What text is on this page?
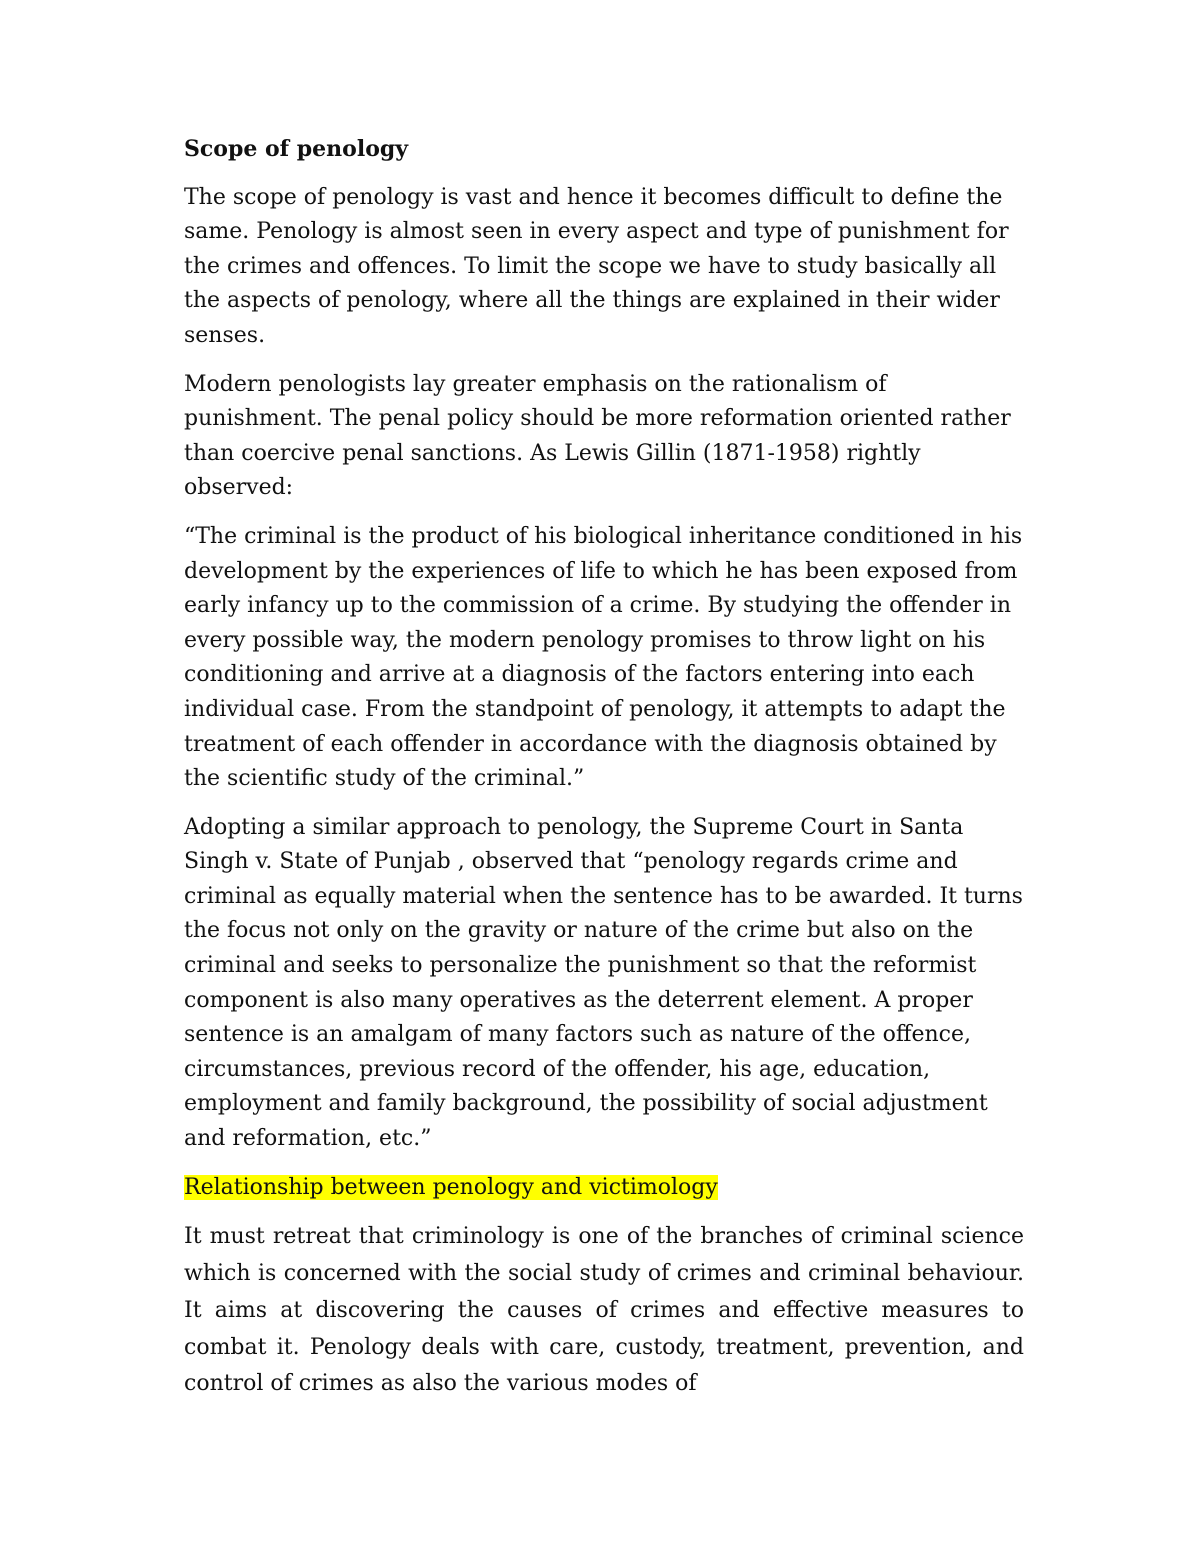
Scope of penology

The scope of penology is vast and hence it becomes difficult to define the same. Penology is almost seen in every aspect and type of punishment for the crimes and offences. To limit the scope we have to study basically all the aspects of penology, where all the things are explained in their wider senses.

Modern penologists lay greater emphasis on the rationalism of punishment. The penal policy should be more reformation oriented rather than coercive penal sanctions. As Lewis Gillin (1871-1958) rightly observed:

“The criminal is the product of his biological inheritance conditioned in his development by the experiences of life to which he has been exposed from early infancy up to the commission of a crime. By studying the offender in every possible way, the modern penology promises to throw light on his conditioning and arrive at a diagnosis of the factors entering into each individual case. From the standpoint of penology, it attempts to adapt the treatment of each offender in accordance with the diagnosis obtained by the scientific study of the criminal.”

Adopting a similar approach to penology, the Supreme Court in Santa Singh v. State of Punjab , observed that “penology regards crime and criminal as equally material when the sentence has to be awarded. It turns the focus not only on the gravity or nature of the crime but also on the criminal and seeks to personalize the punishment so that the reformist component is also many operatives as the deterrent element. A proper sentence is an amalgam of many factors such as nature of the offence, circumstances, previous record of the offender, his age, education, employment and family background, the possibility of social adjustment and reformation, etc.”

Relationship between penology and victimology

It must retreat that criminology is one of the branches of criminal science which is concerned with the social study of crimes and criminal behaviour. It aims at discovering the causes of crimes and effective measures to combat it. Penology deals with care, custody, treatment, prevention, and control of crimes as also the various modes of
